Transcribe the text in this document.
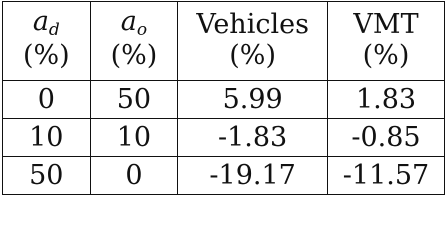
$a_d$	$a_o$	Vehicles	VMT
(%)	(%)	(%)	(%)
0	50	5.99	1.83
10	10	-1.83	-0.85
50	0	-19.17	-11.57
